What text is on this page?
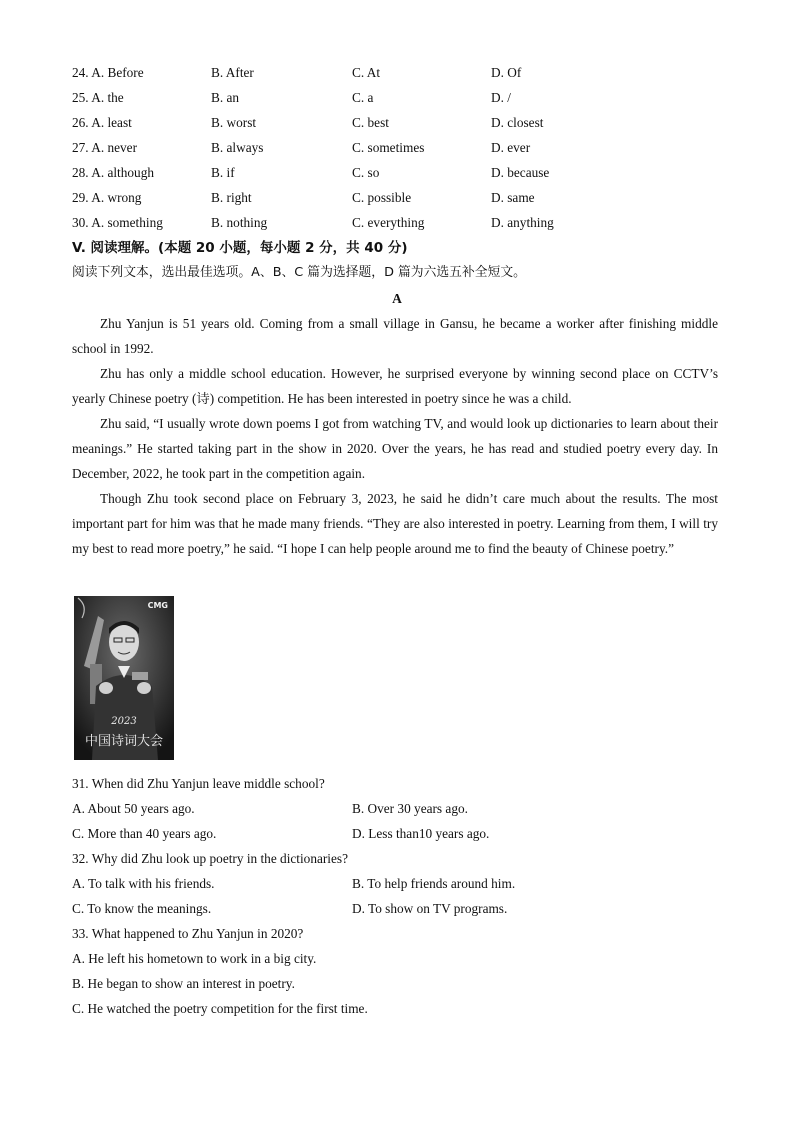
24. A. Before	B. After	C. At	D. Of
25. A. the	B. an	C. a	D. /
26. A. least	B. worst	C. best	D. closest
27. A. never	B. always	C. sometimes	D. ever
28. A. although	B. if	C. so	D. because
29. A. wrong	B. right	C. possible	D. same
30. A. something	B. nothing	C. everything	D. anything
V. 阅读理解。(本题 20 小题，每小题 2 分，共 40 分)
阅读下列文本，选出最佳选项。A、B、C 篇为选择题，D 篇为六选五补全短文。
A

Zhu Yanjun is 51 years old. Coming from a small village in Gansu, he became a worker after finishing middle school in 1992.

Zhu has only a middle school education. However, he surprised everyone by winning second place on CCTV’s yearly Chinese poetry (诗) competition. He has been interested in poetry since he was a child.

Zhu said, “I usually wrote down poems I got from watching TV, and would look up dictionaries to learn about their meanings.” He started taking part in the show in 2020. Over the years, he has read and studied poetry every day. In December, 2022, he took part in the competition again.

Though Zhu took second place on February 3, 2023, he said he didn’t care much about the results. The most important part for him was that he made many friends. “They are also interested in poetry. Learning from them, I will try my best to read more poetry,” he said. “I hope I can help people around me to find the beauty of Chinese poetry.”

CMG
2023
中国诗词大会
31. When did Zhu Yanjun leave middle school?
A. About 50 years ago.	B. Over 30 years ago.
C. More than 40 years ago.	D. Less than10 years ago.
32. Why did Zhu look up poetry in the dictionaries?
A. To talk with his friends.	B. To help friends around him.
C. To know the meanings.	D. To show on TV programs.
33. What happened to Zhu Yanjun in 2020?
A. He left his hometown to work in a big city.
B. He began to show an interest in poetry.
C. He watched the poetry competition for the first time.
